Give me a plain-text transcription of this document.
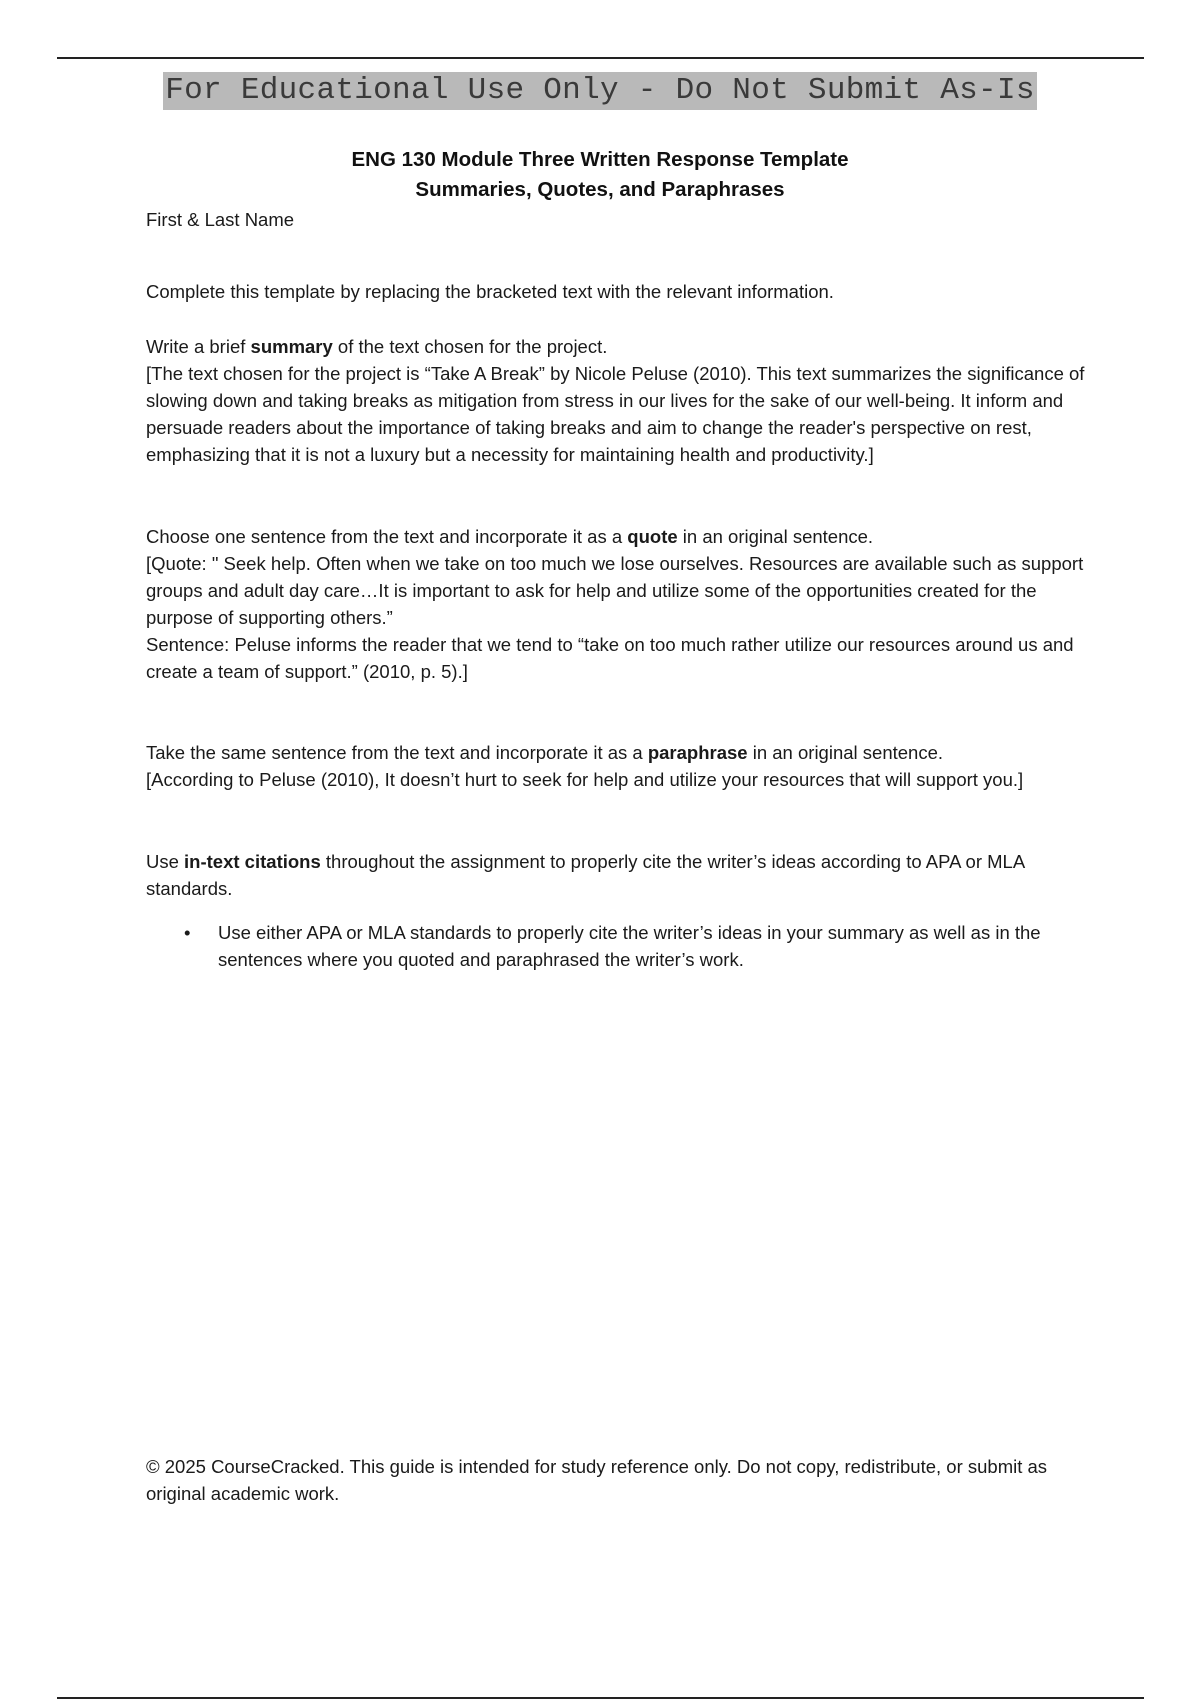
For Educational Use Only - Do Not Submit As-Is
ENG 130 Module Three Written Response Template
Summaries, Quotes, and Paraphrases
First & Last Name
Complete this template by replacing the bracketed text with the relevant information.

Write a brief summary of the text chosen for the project.

[The text chosen for the project is “Take A Break” by Nicole Peluse (2010). This text summarizes the significance of slowing down and taking breaks as mitigation from stress in our lives for the sake of our well-being. It inform and persuade readers about the importance of taking breaks and aim to change the reader's perspective on rest, emphasizing that it is not a luxury but a necessity for maintaining health and productivity.]

Choose one sentence from the text and incorporate it as a quote in an original sentence.

[Quote: " Seek help. Often when we take on too much we lose ourselves. Resources are available such as support groups and adult day care…It is important to ask for help and utilize some of the opportunities created for the purpose of supporting others.”

Sentence: Peluse informs the reader that we tend to “take on too much rather utilize our resources around us and create a team of support.” (2010, p. 5).]

Take the same sentence from the text and incorporate it as a paraphrase in an original sentence.

[According to Peluse (2010), It doesn’t hurt to seek for help and utilize your resources that will support you.]

Use in-text citations throughout the assignment to properly cite the writer’s ideas according to APA or MLA standards.

• Use either APA or MLA standards to properly cite the writer’s ideas in your summary as well as in the sentences where you quoted and paraphrased the writer’s work.
© 2025 CourseCracked. This guide is intended for study reference only. Do not copy, redistribute, or submit as original academic work.
